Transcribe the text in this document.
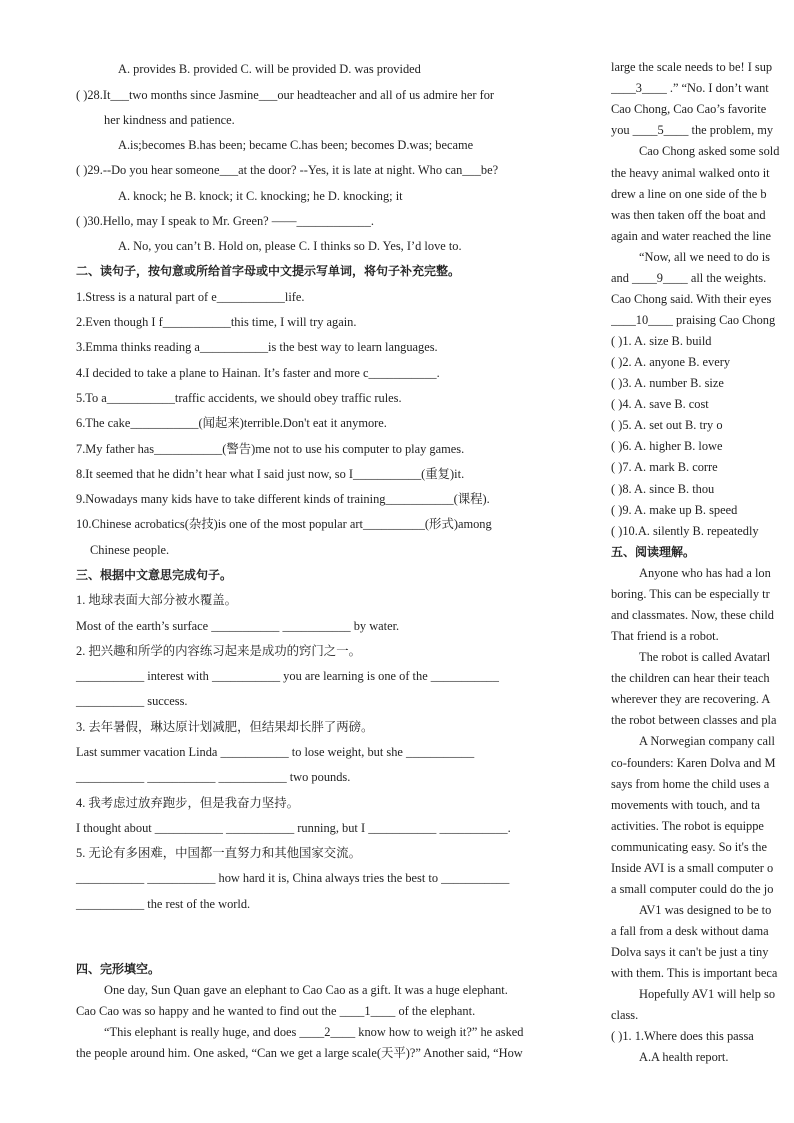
A. provides B. provided C. will be provided D. was provided
( )28.It___two months since Jasmine___our headteacher and all of us admire her for
her kindness and patience.
A.is;becomes B.has been; became C.has been; becomes D.was; became
( )29.--Do you hear someone___at the door? --Yes, it is late at night. Who can___be?
A. knock; he B. knock; it C. knocking; he D. knocking; it
( )30.Hello, may I speak to Mr. Green? ——____________.
A. No, you can’t B. Hold on, please C. I thinks so D. Yes, I’d love to.
二、读句子，按句意或所给首字母或中文提示写单词，将句子补充完整。
1.Stress is a natural part of e___________life.
2.Even though I f___________this time, I will try again.
3.Emma thinks reading a___________is the best way to learn languages.
4.I decided to take a plane to Hainan. It’s faster and more c___________.
5.To a___________traffic accidents, we should obey traffic rules.
6.The cake___________(闻起来)terrible.Don't eat it anymore.
7.My father has___________(警告)me not to use his computer to play games.
8.It seemed that he didn’t hear what I said just now, so I___________(重复)it.
9.Nowadays many kids have to take different kinds of training___________(课程).
10.Chinese acrobatics(杂技)is one of the most popular art__________(形式)among
Chinese people.
三、根据中文意思完成句子。
1. 地球表面大部分被水覆盖。
Most of the earth’s surface ___________ ___________ by water.
2. 把兴趣和所学的内容练习起来是成功的窍门之一。
___________ interest with ___________ you are learning is one of the ___________
___________ success.
3. 去年暑假，琳达原计划减肥，但结果却长胖了两磅。
Last summer vacation Linda ___________ to lose weight, but she ___________
___________ ___________ ___________ two pounds.
4. 我考虑过放弃跑步，但是我奋力坚持。
I thought about ___________ ___________ running, but I ___________ ___________.
5. 无论有多困难，中国都一直努力和其他国家交流。
___________ ___________ how hard it is, China always tries the best to ___________
___________ the rest of the world.
四、完形填空。
One day, Sun Quan gave an elephant to Cao Cao as a gift. It was a huge elephant.
Cao Cao was so happy and he wanted to find out the ____1____ of the elephant.
“This elephant is really huge, and does ____2____ know how to weigh it?” he asked
the people around him. One asked, “Can we get a large scale(天平)?” Another said, “How
large the scale needs to be! I sup
____3____ .” “No. I don’t want
Cao Chong, Cao Cao’s favorite
you ____5____ the problem, my
Cao Chong asked some sold
the heavy animal walked onto it
drew a line on one side of the b
was then taken off the boat and
again and water reached the line
“Now, all we need to do is
and ____9____ all the weights.
Cao Chong said. With their eyes
____10____ praising Cao Chong
( )1. A. size B. build
( )2. A. anyone B. every
( )3. A. number B. size
( )4. A. save B. cost
( )5. A. set out B. try o
( )6. A. higher B. lowe
( )7. A. mark B. corre
( )8. A. since B. thou
( )9. A. make up B. speed
( )10.A. silently B. repeatedly
五、阅读理解。
Anyone who has had a lon
boring. This can be especially tr
and classmates. Now, these child
That friend is a robot.
The robot is called Avatarl
the children can hear their teach
wherever they are recovering. A
the robot between classes and pla
A Norwegian company call
co-founders: Karen Dolva and M
says from home the child uses a
movements with touch, and ta
activities. The robot is equippe
communicating easy. So it's the
Inside AVI is a small computer o
a small computer could do the jo
AV1 was designed to be to
a fall from a desk without dama
Dolva says it can't be just a tiny
with them. This is important beca
Hopefully AV1 will help so
class.
( )1. 1.Where does this passa
A.A health report.
